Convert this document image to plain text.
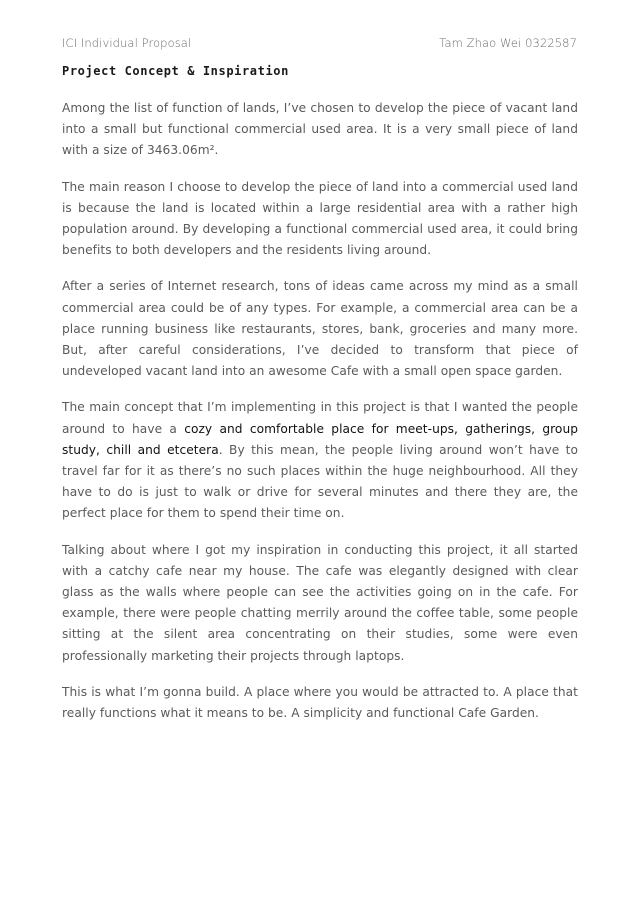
ICI Individual Proposal	Tam Zhao Wei 0322587
Project Concept & Inspiration

Among the list of function of lands, I’ve chosen to develop the piece of vacant land into a small but functional commercial used area. It is a very small piece of land with a size of 3463.06m².

The main reason I choose to develop the piece of land into a commercial used land is because the land is located within a large residential area with a rather high population around. By developing a functional commercial used area, it could bring benefits to both developers and the residents living around.

After a series of Internet research, tons of ideas came across my mind as a small commercial area could be of any types. For example, a commercial area can be a place running business like restaurants, stores, bank, groceries and many more. But, after careful considerations, I’ve decided to transform that piece of undeveloped vacant land into an awesome Cafe with a small open space garden.

The main concept that I’m implementing in this project is that I wanted the people around to have a cozy and comfortable place for meet-ups, gatherings, group study, chill and etcetera. By this mean, the people living around won’t have to travel far for it as there’s no such places within the huge neighbourhood. All they have to do is just to walk or drive for several minutes and there they are, the perfect place for them to spend their time on.

Talking about where I got my inspiration in conducting this project, it all started with a catchy cafe near my house. The cafe was elegantly designed with clear glass as the walls where people can see the activities going on in the cafe. For example, there were people chatting merrily around the coffee table, some people sitting at the silent area concentrating on their studies, some were even professionally marketing their projects through laptops.

This is what I’m gonna build. A place where you would be attracted to. A place that really functions what it means to be. A simplicity and functional Cafe Garden.
